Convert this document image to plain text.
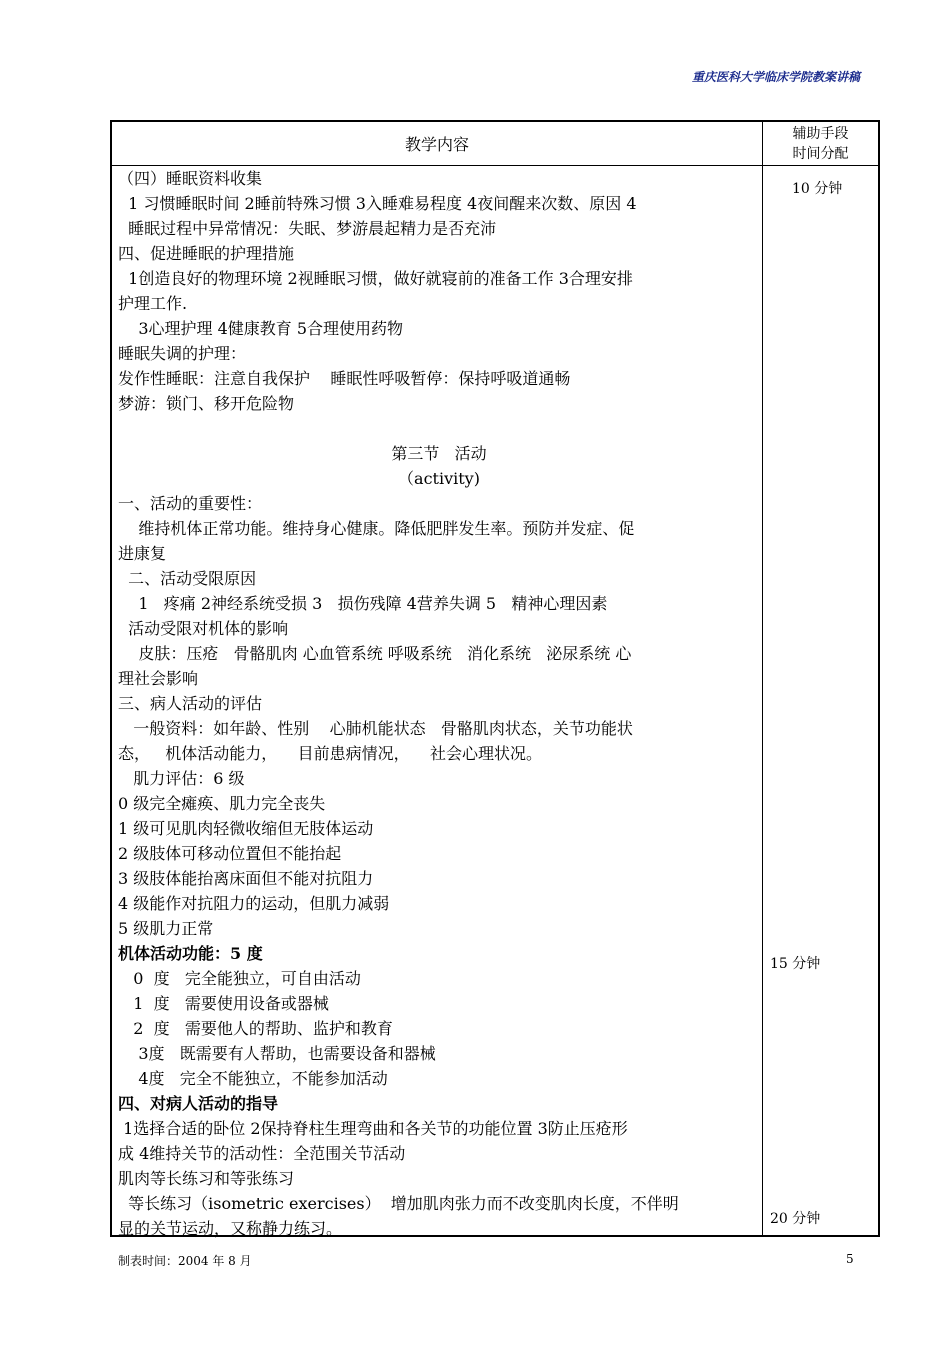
重庆医科大学临床学院教案讲稿
教学内容
辅助手段
时间分配
（四）睡眠资料收集
1 习惯睡眠时间 2睡前特殊习惯 3入睡难易程度 4夜间醒来次数、原因 4
睡眠过程中异常情况：失眠、梦游晨起精力是否充沛
四、促进睡眠的护理措施
1创造良好的物理环境 2视睡眠习惯，做好就寝前的准备工作 3合理安排
护理工作.
3心理护理 4健康教育 5合理使用药物
睡眠失调的护理：
发作性睡眠：注意自我保护    睡眠性呼吸暂停：保持呼吸道通畅
梦游：锁门、移开危险物
第三节   活动
（activity)
一、活动的重要性：
维持机体正常功能。维持身心健康。降低肥胖发生率。预防并发症、促
进康复
二、活动受限原因
1   疼痛 2神经系统受损 3   损伤残障 4营养失调 5   精神心理因素
活动受限对机体的影响
皮肤：压疮   骨骼肌肉 心血管系统 呼吸系统   消化系统   泌尿系统 心
理社会影响
三、病人活动的评估
一般资料：如年龄、性别    心肺机能状态   骨骼肌肉状态，关节功能状
态，   机体活动能力，    目前患病情况，    社会心理状况。
肌力评估：6 级
0 级完全瘫痪、肌力完全丧失
1 级可见肌肉轻微收缩但无肢体运动
2 级肢体可移动位置但不能抬起
3 级肢体能抬离床面但不能对抗阻力
4 级能作对抗阻力的运动，但肌力减弱
5 级肌力正常
机体活动功能：5 度
0  度   完全能独立，可自由活动
1  度   需要使用设备或器械
2  度   需要他人的帮助、监护和教育
3度   既需要有人帮助，也需要设备和器械
4度   完全不能独立，不能参加活动
四、对病人活动的指导
1选择合适的卧位 2保持脊柱生理弯曲和各关节的功能位置 3防止压疮形
成 4维持关节的活动性：全范围关节活动
肌肉等长练习和等张练习
等长练习（isometric exercises）  增加肌肉张力而不改变肌肉长度，不伴明
显的关节运动，又称静力练习。
10 分钟
15 分钟
20 分钟
制表时间：2004 年 8 月	5
